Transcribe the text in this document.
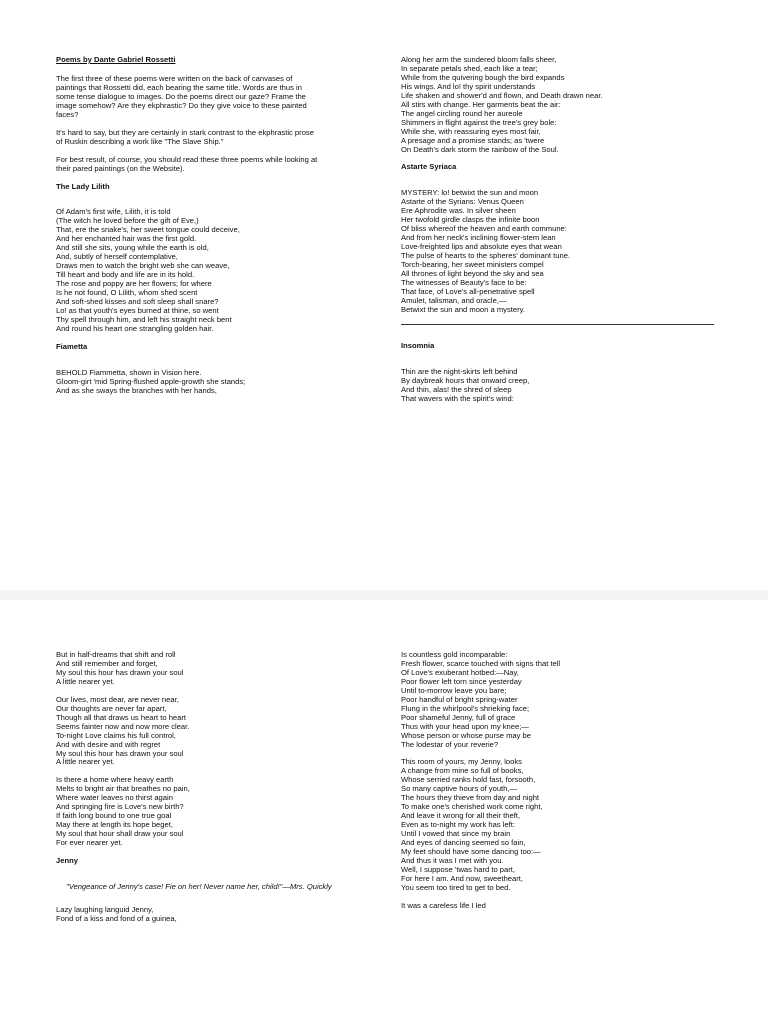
Poems by Dante Gabriel Rossetti
The first three of these poems were written on the back of canvases of
paintings that Rossetti did, each bearing the same title. Words are thus in
some tense dialogue to images. Do the poems direct our gaze? Frame the
image somehow? Are they ekphrastic? Do they give voice to these painted
faces?
It's hard to say, but they are certainly in stark contrast to the ekphrastic prose
of Ruskin describing a work like "The Slave Ship."
For best result, of course, you should read these three poems while looking at
their pared paintings (on the Website).
The Lady Lilith
Of Adam's first wife, Lilith, it is told
(The witch he loved before the gift of Eve,)
That, ere the snake's, her sweet tongue could deceive,
And her enchanted hair was the first gold.
And still she sits, young while the earth is old,
And, subtly of herself contemplative,
Draws men to watch the bright web she can weave,
Till heart and body and life are in its hold.
The rose and poppy are her flowers; for where
Is he not found, O Lilith, whom shed scent
And soft-shed kisses and soft sleep shall snare?
Lo! as that youth's eyes burned at thine, so went
Thy spell through him, and left his straight neck bent
And round his heart one strangling golden hair.
Fiametta
BEHOLD Fiammetta, shown in Vision here.
Gloom-girt 'mid Spring-flushed apple-growth she stands;
And as she sways the branches with her hands,
Along her arm the sundered bloom falls sheer,
In separate petals shed, each like a tear;
While from the quivering bough the bird expands
His wings. And lo! thy spirit understands
Life shaken and shower'd and flown, and Death drawn near.
All stirs with change. Her garments beat the air:
The angel circling round her aureole
Shimmers in flight against the tree's grey bole:
While she, with reassuring eyes most fair,
A presage and a promise stands; as 'twere
On Death's dark storm the rainbow of the Soul.
Astarte Syriaca
MYSTERY: lo! betwixt the sun and moon
Astarte of the Syrians: Venus Queen
Ere Aphrodite was. In silver sheen
Her twofold girdle clasps the infinite boon
Of bliss whereof the heaven and earth commune:
And from her neck's inclining flower-stem lean
Love-freighted lips and absolute eyes that wean
The pulse of hearts to the spheres' dominant tune.
Torch-bearing, her sweet ministers compel
All thrones of light beyond the sky and sea
The witnesses of Beauty's face to be:
That face, of Love's all-penetrative spell
Amulet, talisman, and oracle,—
Betwixt the sun and moon a mystery.
Insomnia
Thin are the night-skirts left behind
By daybreak hours that onward creep,
And thin, alas! the shred of sleep
That wavers with the spirit's wind:
But in half-dreams that shift and roll
And still remember and forget,
My soul this hour has drawn your soul
A little nearer yet.
Our lives, most dear, are never near,
Our thoughts are never far apart,
Though all that draws us heart to heart
Seems fainter now and now more clear.
To-night Love claims his full control,
And with desire and with regret
My soul this hour has drawn your soul
A little nearer yet.
Is there a home where heavy earth
Melts to bright air that breathes no pain,
Where water leaves no thirst again
And springing fire is Love's new birth?
If faith long bound to one true goal
May there at length its hope beget,
My soul that hour shall draw your soul
For ever nearer yet.
Jenny
"Vengeance of Jenny's case! Fie on her! Never name her, child!"—Mrs. Quickly
Lazy laughing languid Jenny,
Fond of a kiss and fond of a guinea,
Is countless gold incomparable:
Fresh flower, scarce touched with signs that tell
Of Love's exuberant hotbed:—Nay,
Poor flower left torn since yesterday
Until to-morrow leave you bare;
Poor handful of bright spring-water
Flung in the whirlpool's shrieking face;
Poor shameful Jenny, full of grace
Thus with your head upon my knee;—
Whose person or whose purse may be
The lodestar of your reverie?
This room of yours, my Jenny, looks
A change from mine so full of books,
Whose serried ranks hold fast, forsooth,
So many captive hours of youth,—
The hours they thieve from day and night
To make one's cherished work come right,
And leave it wrong for all their theft,
Even as to-night my work has left:
Until I vowed that since my brain
And eyes of dancing seemed so fain,
My feet should have some dancing too:—
And thus it was I met with you.
Well, I suppose 'twas hard to part,
For here I am. And now, sweetheart,
You seem too tired to get to bed.
It was a careless life I led
